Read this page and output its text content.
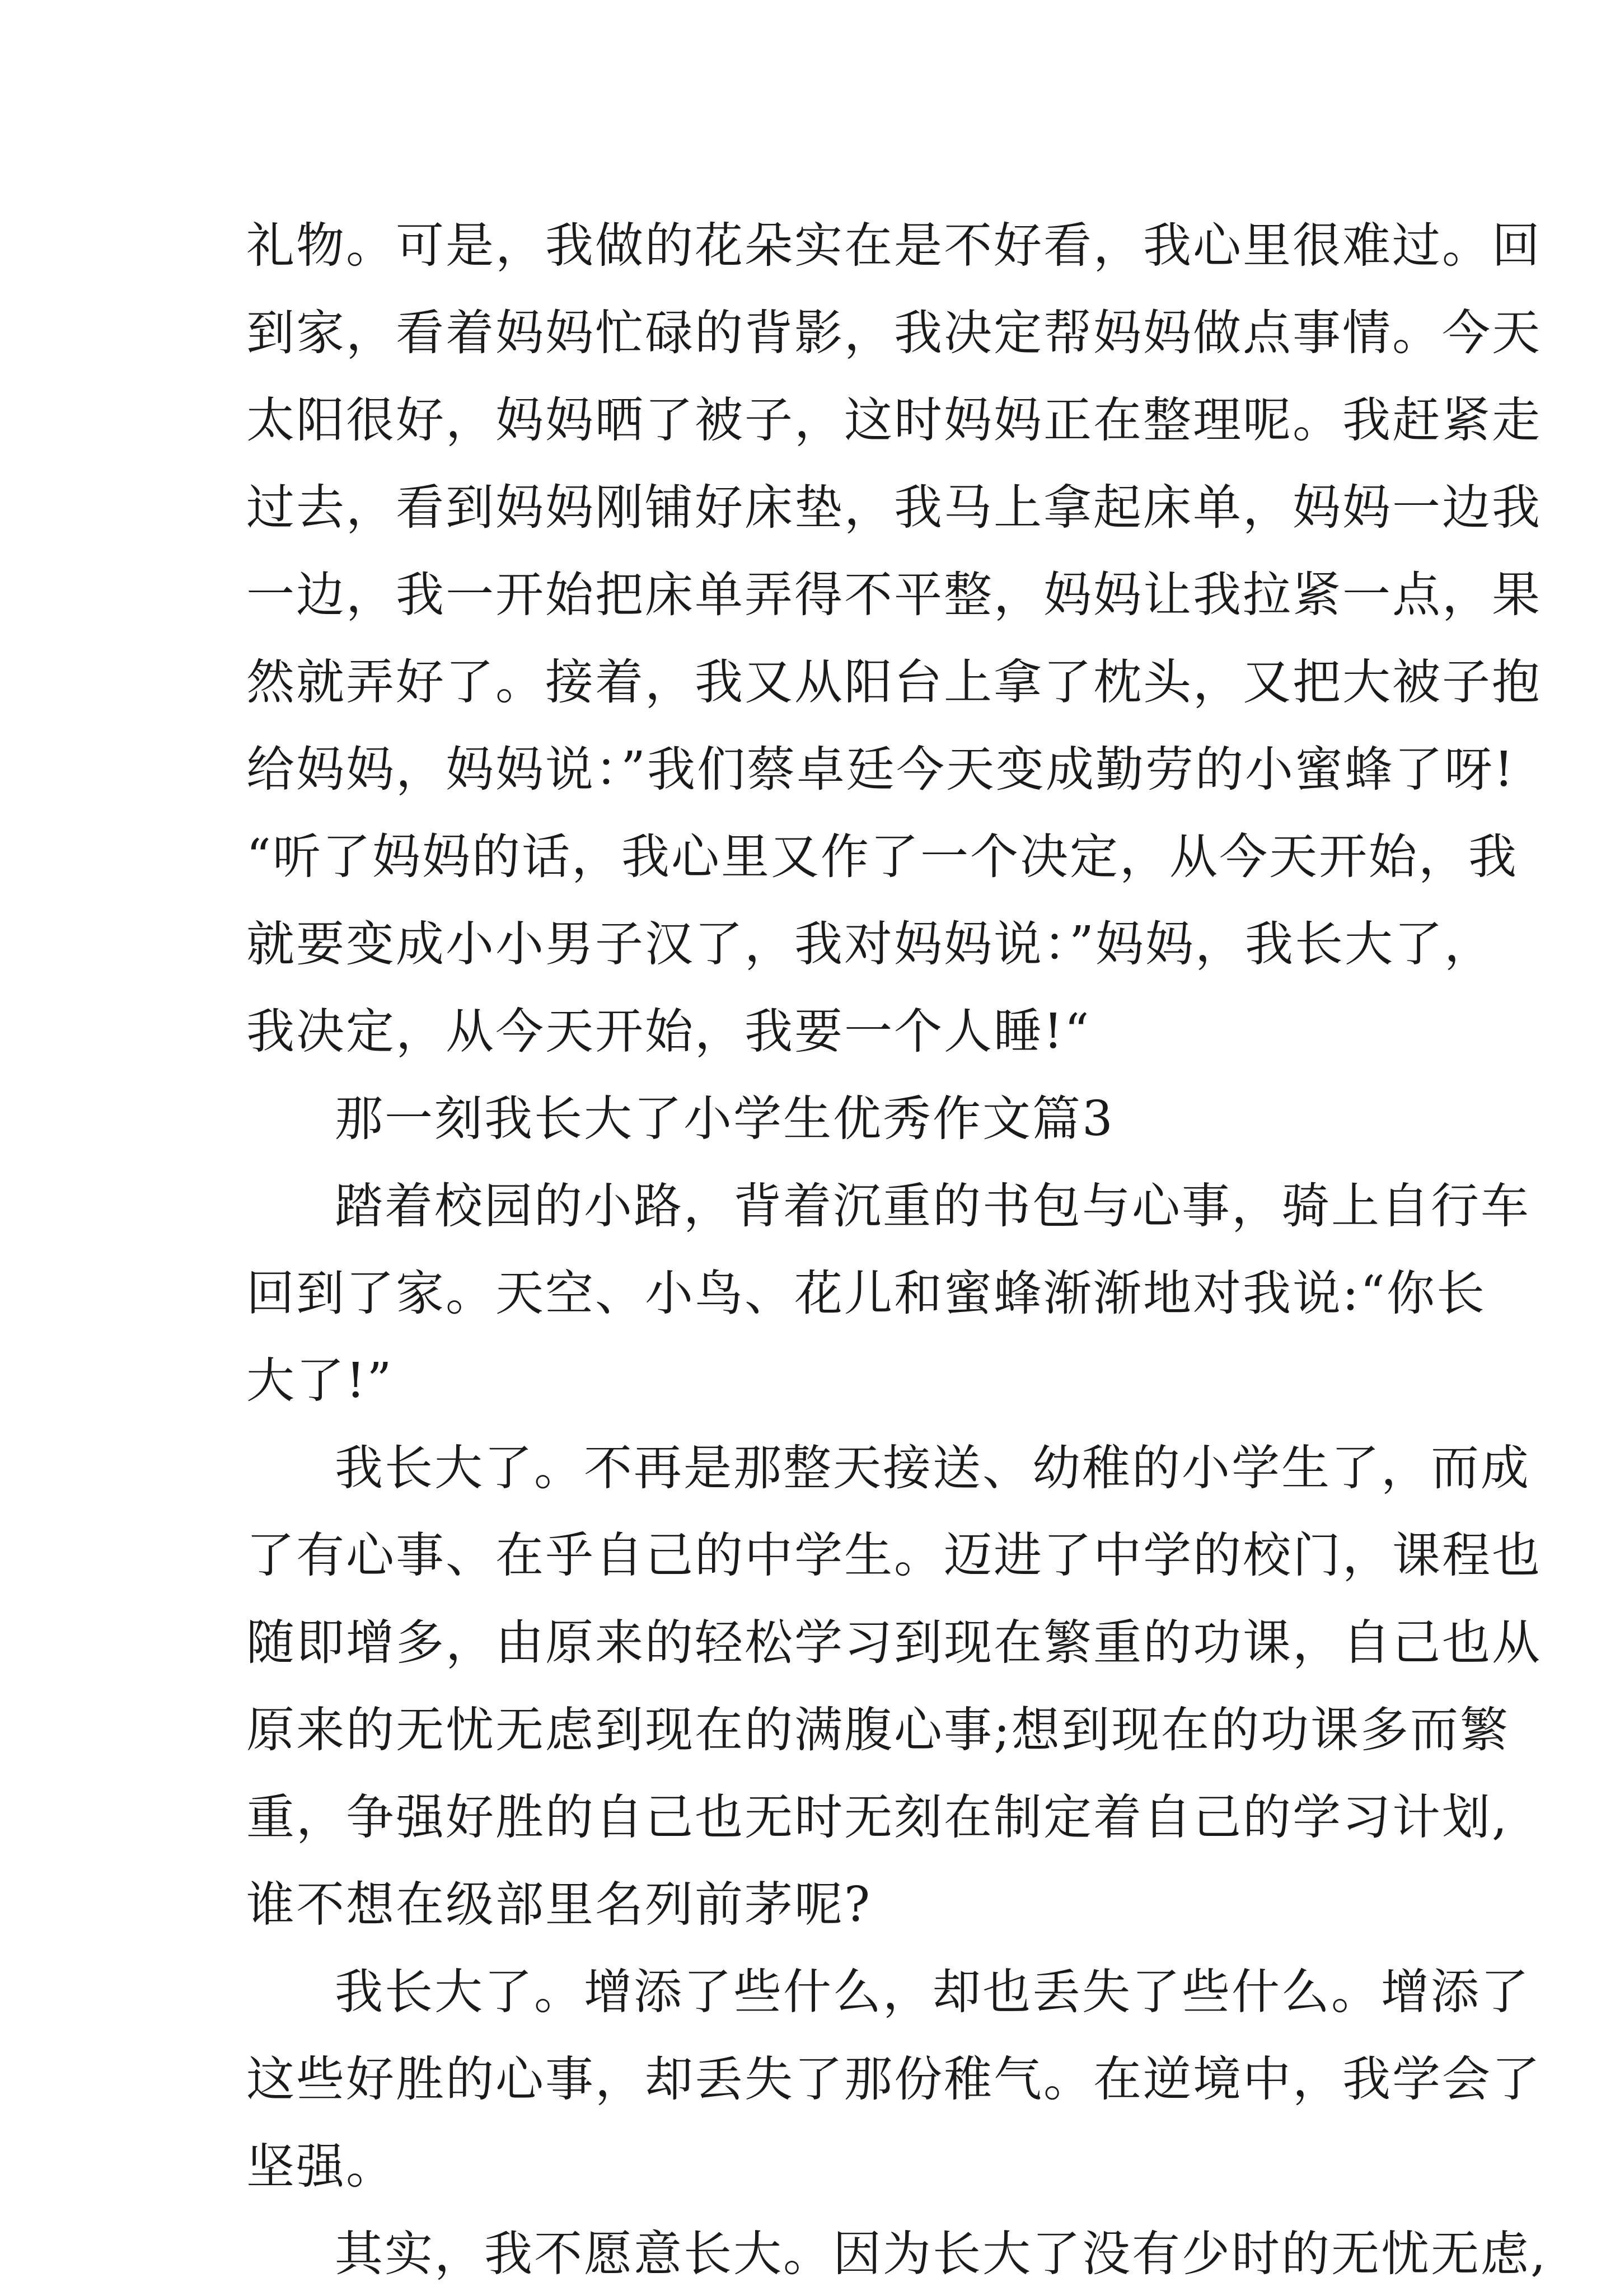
礼物。可是，我做的花朵实在是不好看，我心里很难过。回
到家，看着妈妈忙碌的背影，我决定帮妈妈做点事情。今天
太阳很好，妈妈晒了被子，这时妈妈正在整理呢。我赶紧走
过去，看到妈妈刚铺好床垫，我马上拿起床单，妈妈一边我
一边，我一开始把床单弄得不平整，妈妈让我拉紧一点，果
然就弄好了。接着，我又从阳台上拿了枕头，又把大被子抱
给妈妈，妈妈说：”我们蔡卓廷今天变成勤劳的小蜜蜂了呀!
“听了妈妈的话，我心里又作了一个决定，从今天开始，我
就要变成小小男子汉了，我对妈妈说：”妈妈，我长大了，
我决定，从今天开始，我要一个人睡!“
那一刻我长大了小学生优秀作文篇3
踏着校园的小路，背着沉重的书包与心事，骑上自行车
回到了家。天空、小鸟、花儿和蜜蜂渐渐地对我说:“你长
大了!”
我长大了。不再是那整天接送、幼稚的小学生了，而成
了有心事、在乎自己的中学生。迈进了中学的校门，课程也
随即增多，由原来的轻松学习到现在繁重的功课，自己也从
原来的无忧无虑到现在的满腹心事;想到现在的功课多而繁
重，争强好胜的自己也无时无刻在制定着自己的学习计划,
谁不想在级部里名列前茅呢?
我长大了。增添了些什么，却也丢失了些什么。增添了
这些好胜的心事，却丢失了那份稚气。在逆境中，我学会了
坚强。
其实，我不愿意长大。因为长大了没有少时的无忧无虑,
